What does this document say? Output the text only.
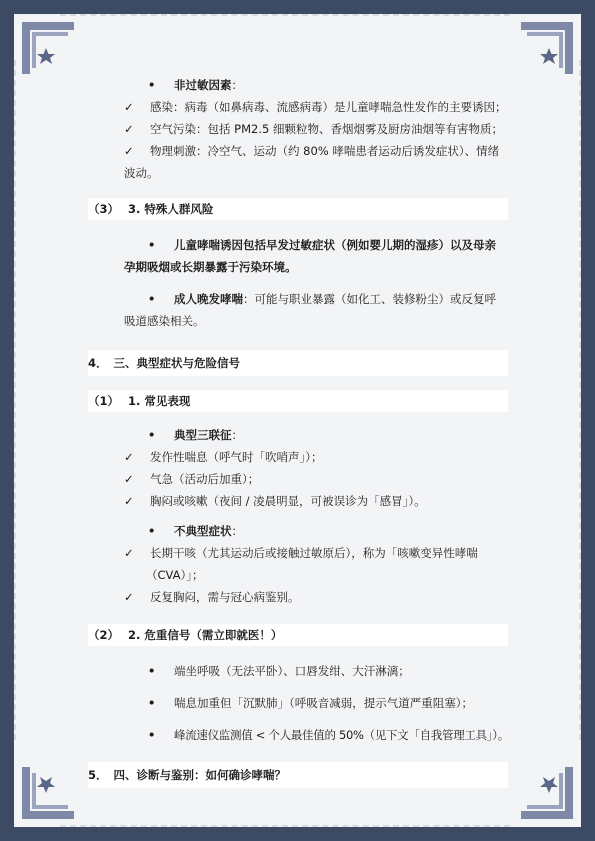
• 非过敏因素：

✓ 感染：病毒（如鼻病毒、流感病毒）是儿童哮喘急性发作的主要诱因；

✓ 空气污染：包括 PM2.5 细颗粒物、香烟烟雾及厨房油烟等有害物质；

✓ 物理刺激：冷空气、运动（约 80% 哮喘患者运动后诱发症状）、情绪

波动。

（3） 3. 特殊人群风险

• 儿童哮喘诱因包括早发过敏症状（例如婴儿期的湿疹）以及母亲

孕期吸烟或长期暴露于污染环境。

• 成人晚发哮喘：可能与职业暴露（如化工、装修粉尘）或反复呼

吸道感染相关。

4． 三、典型症状与危险信号
（1） 1. 常见表现

• 典型三联征：

✓ 发作性喘息（呼气时「吹哨声」）；

✓ 气急（活动后加重）；

✓ 胸闷或咳嗽（夜间 / 凌晨明显，可被误诊为「感冒」）。

• 不典型症状：

✓ 长期干咳（尤其运动后或接触过敏原后），称为「咳嗽变异性哮喘

（CVA）」；

✓ 反复胸闷，需与冠心病鉴别。

（2） 2. 危重信号（需立即就医！）

• 端坐呼吸（无法平卧）、口唇发绀、大汗淋漓；

• 喘息加重但「沉默肺」（呼吸音减弱，提示气道严重阻塞）；

• 峰流速仪监测值 < 个人最佳值的 50%（见下文「自我管理工具」）。

5． 四、诊断与鉴别：如何确诊哮喘？
